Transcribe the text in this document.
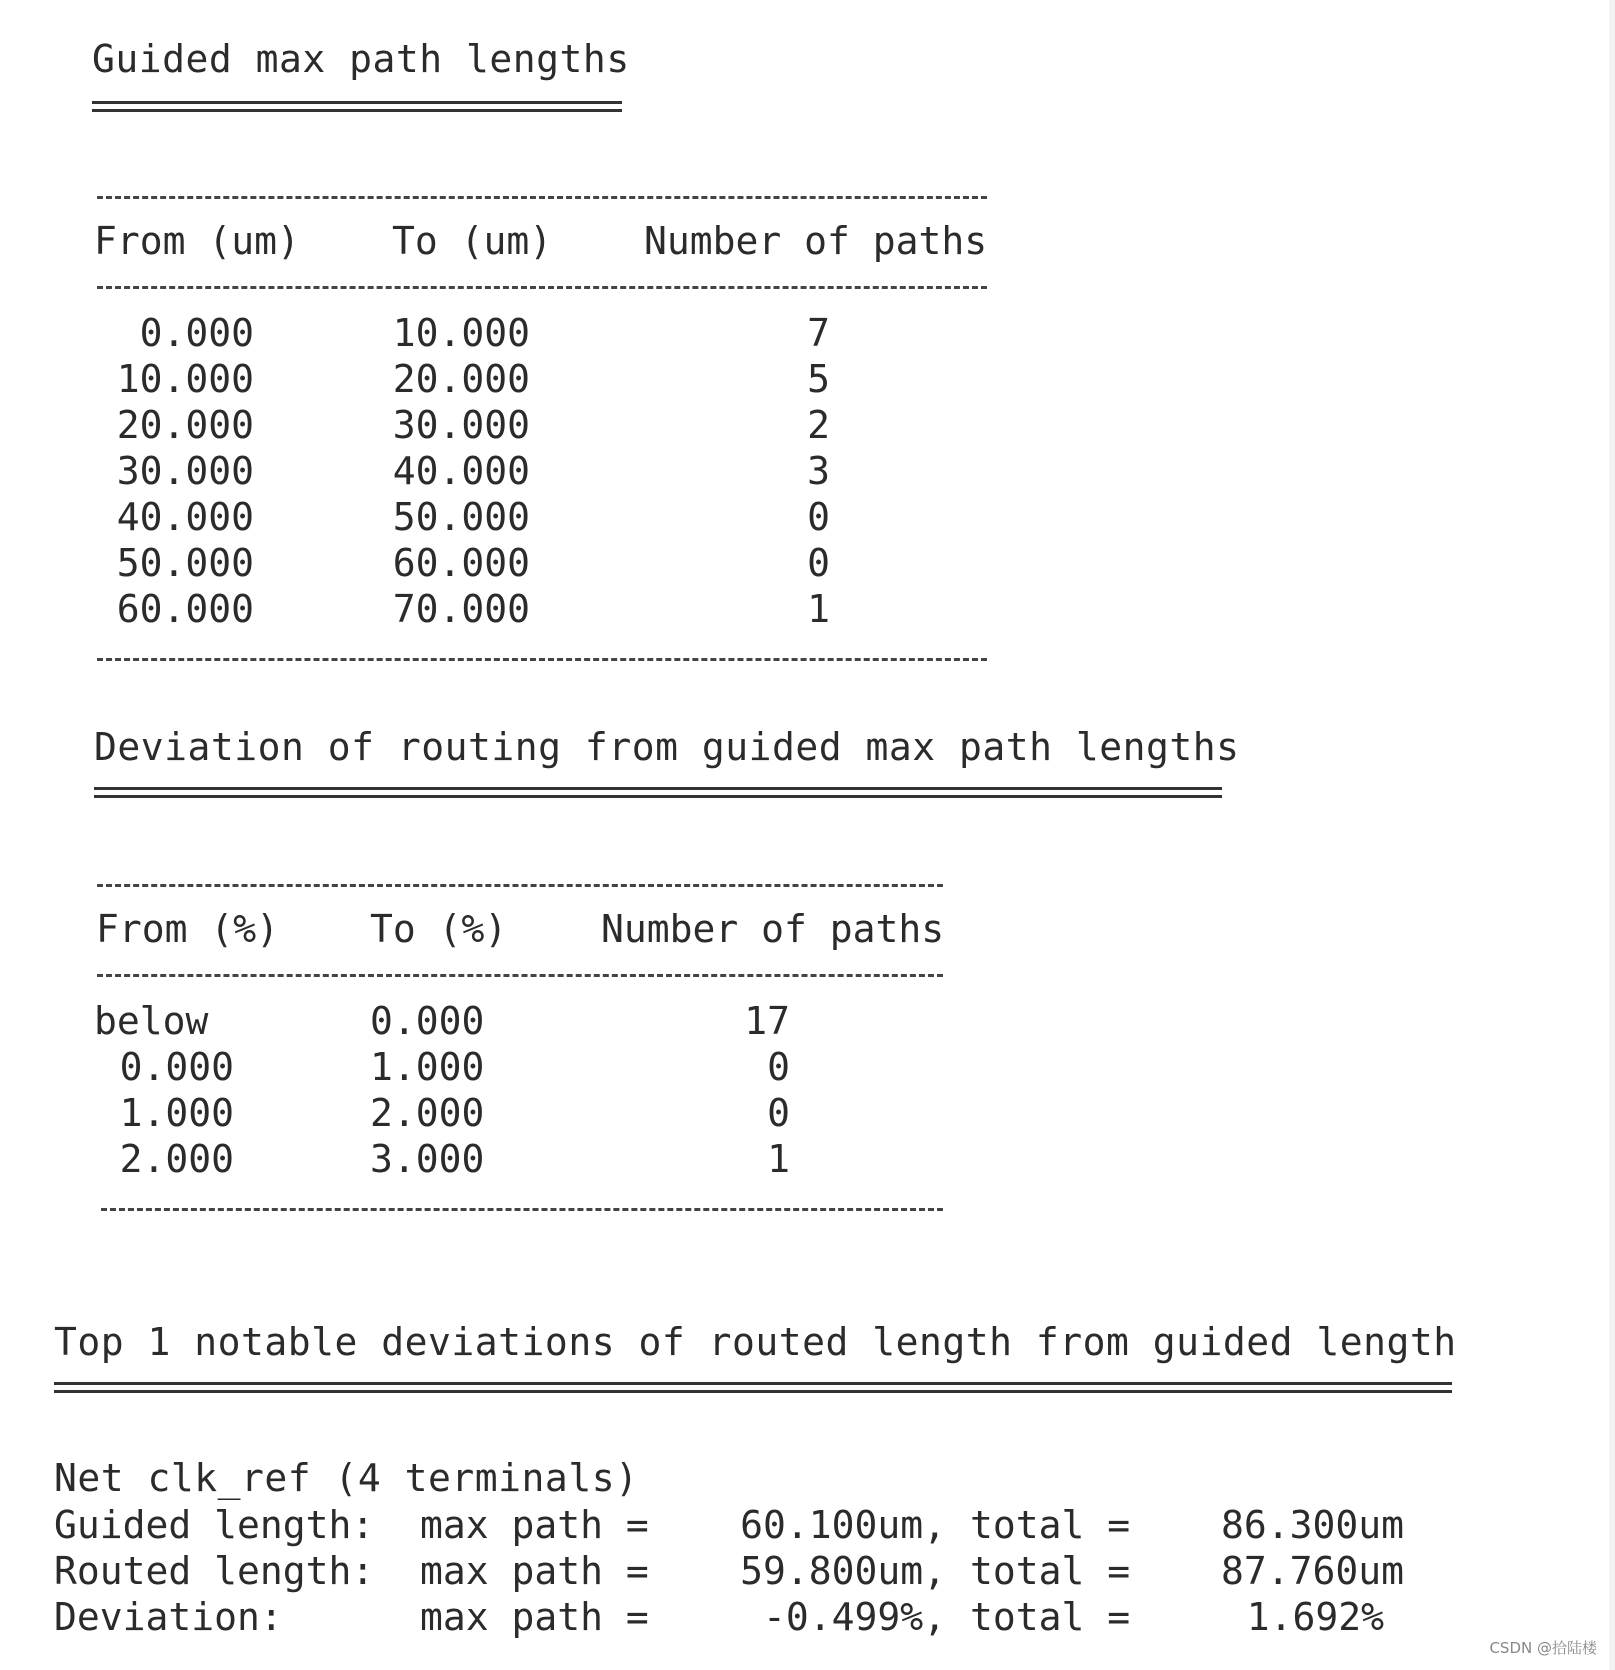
Guided max path lengths
From (um) To (um) Number of paths
0.000	10.000	7
10.000	20.000	5
20.000	30.000	2
30.000	40.000	3
40.000	50.000	0
50.000	60.000	0
60.000	70.000	1
Deviation of routing from guided max path lengths
From (%) To (%) Number of paths
below	0.000	17
0.000	1.000	0
1.000	2.000	0
2.000	3.000	1
Top 1 notable deviations of routed length from guided length
Net clk_ref (4 terminals)
Guided length: max path =	60.100um, total =	86.300um
Routed length: max path =	59.800um, total =	87.760um
Deviation:	max path =	-0.499%, total =	1.692%
CSDN @拾陆楼
